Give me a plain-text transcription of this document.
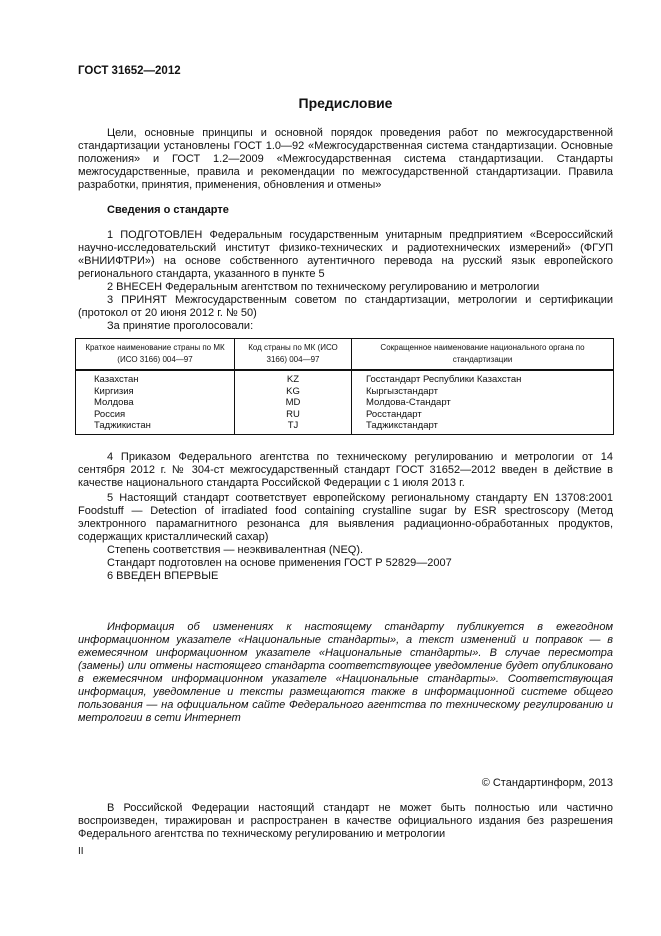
ГОСТ 31652—2012
Предисловие

Цели, основные принципы и основной порядок проведения работ по межгосударственной стандартизации установлены ГОСТ 1.0—92 «Межгосударственная система стандартизации. Основные положения» и ГОСТ 1.2—2009 «Межгосударственная система стандартизации. Стандарты межгосударственные, правила и рекомендации по межгосударственной стандартизации. Правила разработки, принятия, применения, обновления и отмены»

Сведения о стандарте

1 ПОДГОТОВЛЕН Федеральным государственным унитарным предприятием «Всероссийский научно-исследовательский институт физико-технических и радиотехнических измерений» (ФГУП «ВНИИФТРИ») на основе собственного аутентичного перевода на русский язык европейского регионального стандарта, указанного в пункте 5

2 ВНЕСЕН Федеральным агентством по техническому регулированию и метрологии

3 ПРИНЯТ Межгосударственным советом по стандартизации, метрологии и сертификации (протокол от 20 июня 2012 г. № 50)

За принятие проголосовали:

Краткое наименование страны по МК (ИСО 3166) 004—97	Код страны по МК (ИСО 3166) 004—97	Сокращенное наименование национального органа по стандартизации
Казахстан	KZ	Госстандарт Республики Казахстан
Киргизия	KG	Кыргызстандарт
Молдова	MD	Молдова-Стандарт
Россия	RU	Росстандарт
Таджикистан	TJ	Таджикстандарт

4 Приказом Федерального агентства по техническому регулированию и метрологии от 14 сентября 2012 г. № 304-ст межгосударственный стандарт ГОСТ 31652—2012 введен в действие в качестве национального стандарта Российской Федерации с 1 июля 2013 г.

5 Настоящий стандарт соответствует европейскому региональному стандарту EN 13708:2001 Foodstuff — Detection of irradiated food containing crystalline sugar by ESR spectroscopy (Метод электронного парамагнитного резонанса для выявления радиационно-обработанных продуктов, содержащих кристаллический сахар)

Степень соответствия — неэквивалентная (NEQ).

Стандарт подготовлен на основе применения ГОСТ Р 52829—2007

6 ВВЕДЕН ВПЕРВЫЕ

Информация об изменениях к настоящему стандарту публикуется в ежегодном информационном указателе «Национальные стандарты», а текст изменений и поправок — в ежемесячном информационном указателе «Национальные стандарты». В случае пересмотра (замены) или отмены настоящего стандарта соответствующее уведомление будет опубликовано в ежемесячном информационном указателе «Национальные стандарты». Соответствующая информация, уведомление и тексты размещаются также в информационной системе общего пользования — на официальном сайте Федерального агентства по техническому регулированию и метрологии в сети Интернет

© Стандартинформ, 2013

В Российской Федерации настоящий стандарт не может быть полностью или частично воспроизведен, тиражирован и распространен в качестве официального издания без разрешения Федерального агентства по техническому регулированию и метрологии

II
